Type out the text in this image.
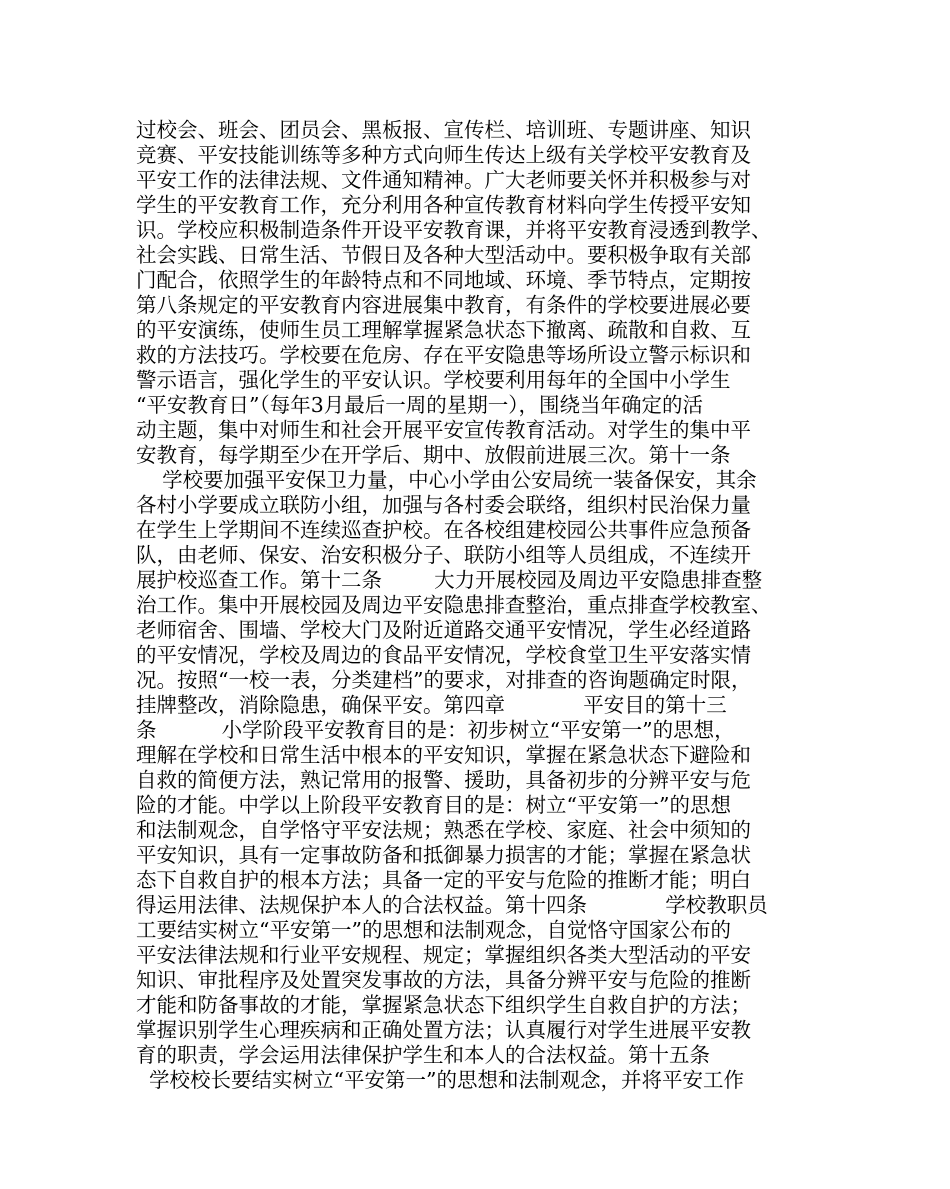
过校会、班会、团员会、黑板报、宣传栏、培训班、专题讲座、知识
竞赛、平安技能训练等多种方式向师生传达上级有关学校平安教育及
平安工作的法律法规、文件通知精神。广大老师要关怀并积极参与对
学生的平安教育工作，充分利用各种宣传教育材料向学生传授平安知
识。学校应积极制造条件开设平安教育课，并将平安教育浸透到教学、
社会实践、日常生活、节假日及各种大型活动中。要积极争取有关部
门配合，依照学生的年龄特点和不同地域、环境、季节特点，定期按
第八条规定的平安教育内容进展集中教育，有条件的学校要进展必要
的平安演练，使师生员工理解掌握紧急状态下撤离、疏散和自救、互
救的方法技巧。学校要在危房、存在平安隐患等场所设立警示标识和
警示语言，强化学生的平安认识。学校要利用每年的全国中小学生
“平安教育日”（每年3月最后一周的星期一），围绕当年确定的活
动主题，集中对师生和社会开展平安宣传教育活动。对学生的集中平
安教育，每学期至少在开学后、期中、放假前进展三次。第十一条
学校要加强平安保卫力量，中心小学由公安局统一装备保安，其余
各村小学要成立联防小组，加强与各村委会联络，组织村民治保力量
在学生上学期间不连续巡查护校。在各校组建校园公共事件应急预备
队，由老师、保安、治安积极分子、联防小组等人员组成，不连续开
展护校巡查工作。第十二条        大力开展校园及周边平安隐患排查整
治工作。集中开展校园及周边平安隐患排查整治，重点排查学校教室、
老师宿舍、围墙、学校大门及附近道路交通平安情况，学生必经道路
的平安情况，学校及周边的食品平安情况，学校食堂卫生平安落实情
况。按照“一校一表，分类建档”的要求，对排查的咨询题确定时限，
挂牌整改，消除隐患，确保平安。第四章            平安目的第十三
条          小学阶段平安教育目的是：初步树立“平安第一”的思想，
理解在学校和日常生活中根本的平安知识，掌握在紧急状态下避险和
自救的简便方法，熟记常用的报警、援助，具备初步的分辨平安与危
险的才能。中学以上阶段平安教育目的是：树立“平安第一”的思想
和法制观念，自学恪守平安法规；熟悉在学校、家庭、社会中须知的
平安知识，具有一定事故防备和抵御暴力损害的才能；掌握在紧急状
态下自救自护的根本方法；具备一定的平安与危险的推断才能；明白
得运用法律、法规保护本人的合法权益。第十四条            学校教职员
工要结实树立“平安第一”的思想和法制观念，自觉恪守国家公布的
平安法律法规和行业平安规程、规定；掌握组织各类大型活动的平安
知识、审批程序及处置突发事故的方法，具备分辨平安与危险的推断
才能和防备事故的才能，掌握紧急状态下组织学生自救自护的方法；
掌握识别学生心理疾病和正确处置方法；认真履行对学生进展平安教
育的职责，学会运用法律保护学生和本人的合法权益。第十五条
学校校长要结实树立“平安第一”的思想和法制观念，并将平安工作
